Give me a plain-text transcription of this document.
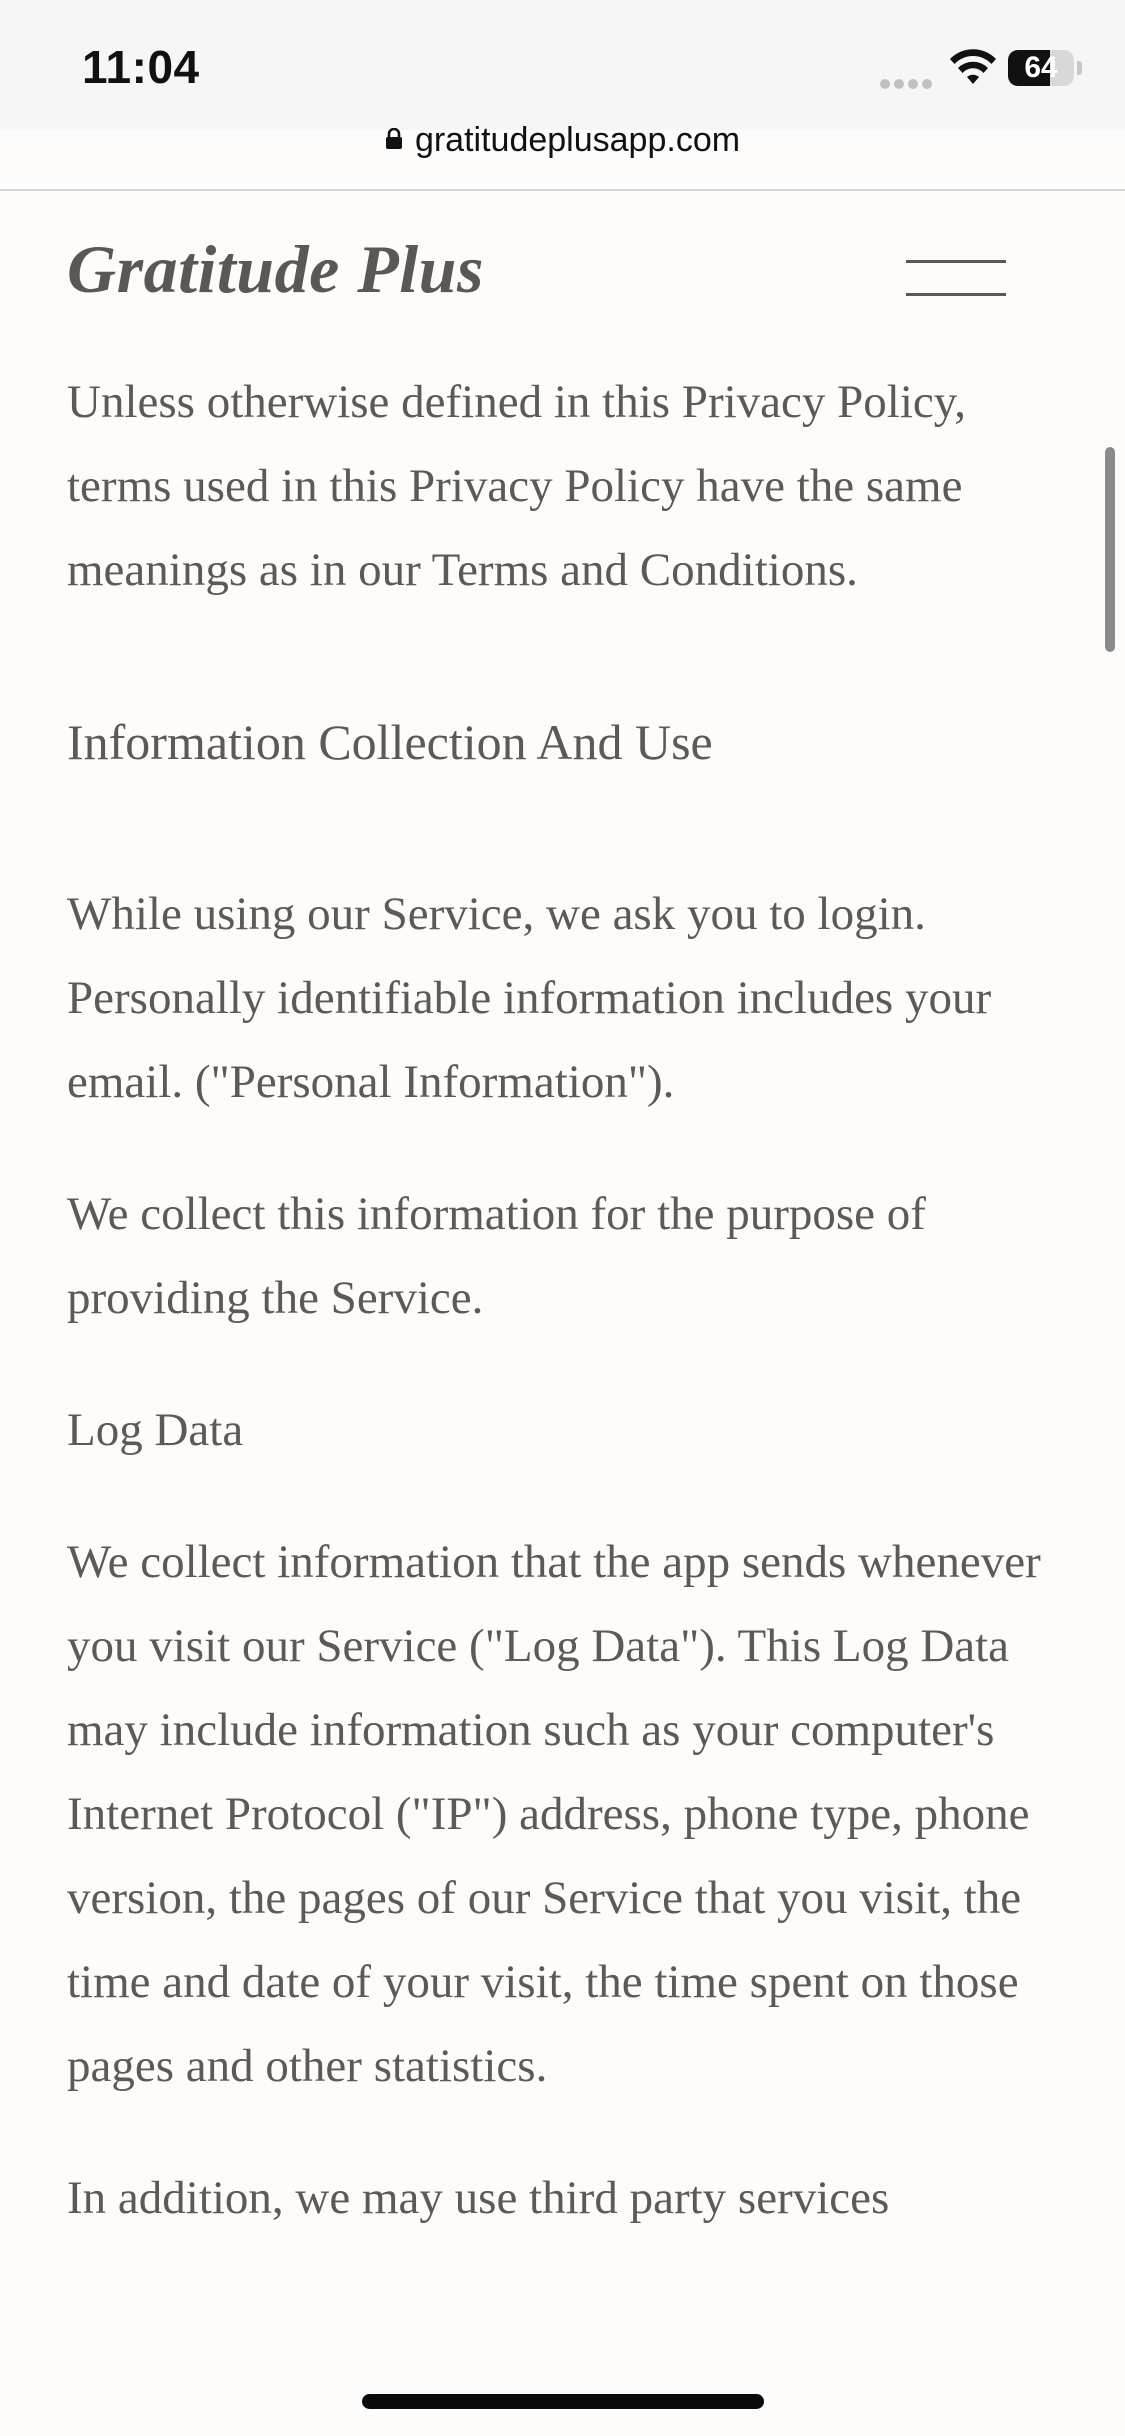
11:04	64
gratitudeplusapp.com
Gratitude Plus

Unless otherwise defined in this Privacy Policy, terms used in this Privacy Policy have the same meanings as in our Terms and Conditions.

Information Collection And Use

While using our Service, we ask you to login. Personally identifiable information includes your email. ("Personal Information").

We collect this information for the purpose of providing the Service.

Log Data

We collect information that the app sends whenever you visit our Service ("Log Data"). This Log Data may include information such as your computer's Internet Protocol ("IP") address, phone type, phone version, the pages of our Service that you visit, the time and date of your visit, the time spent on those pages and other statistics.

In addition, we may use third party services
